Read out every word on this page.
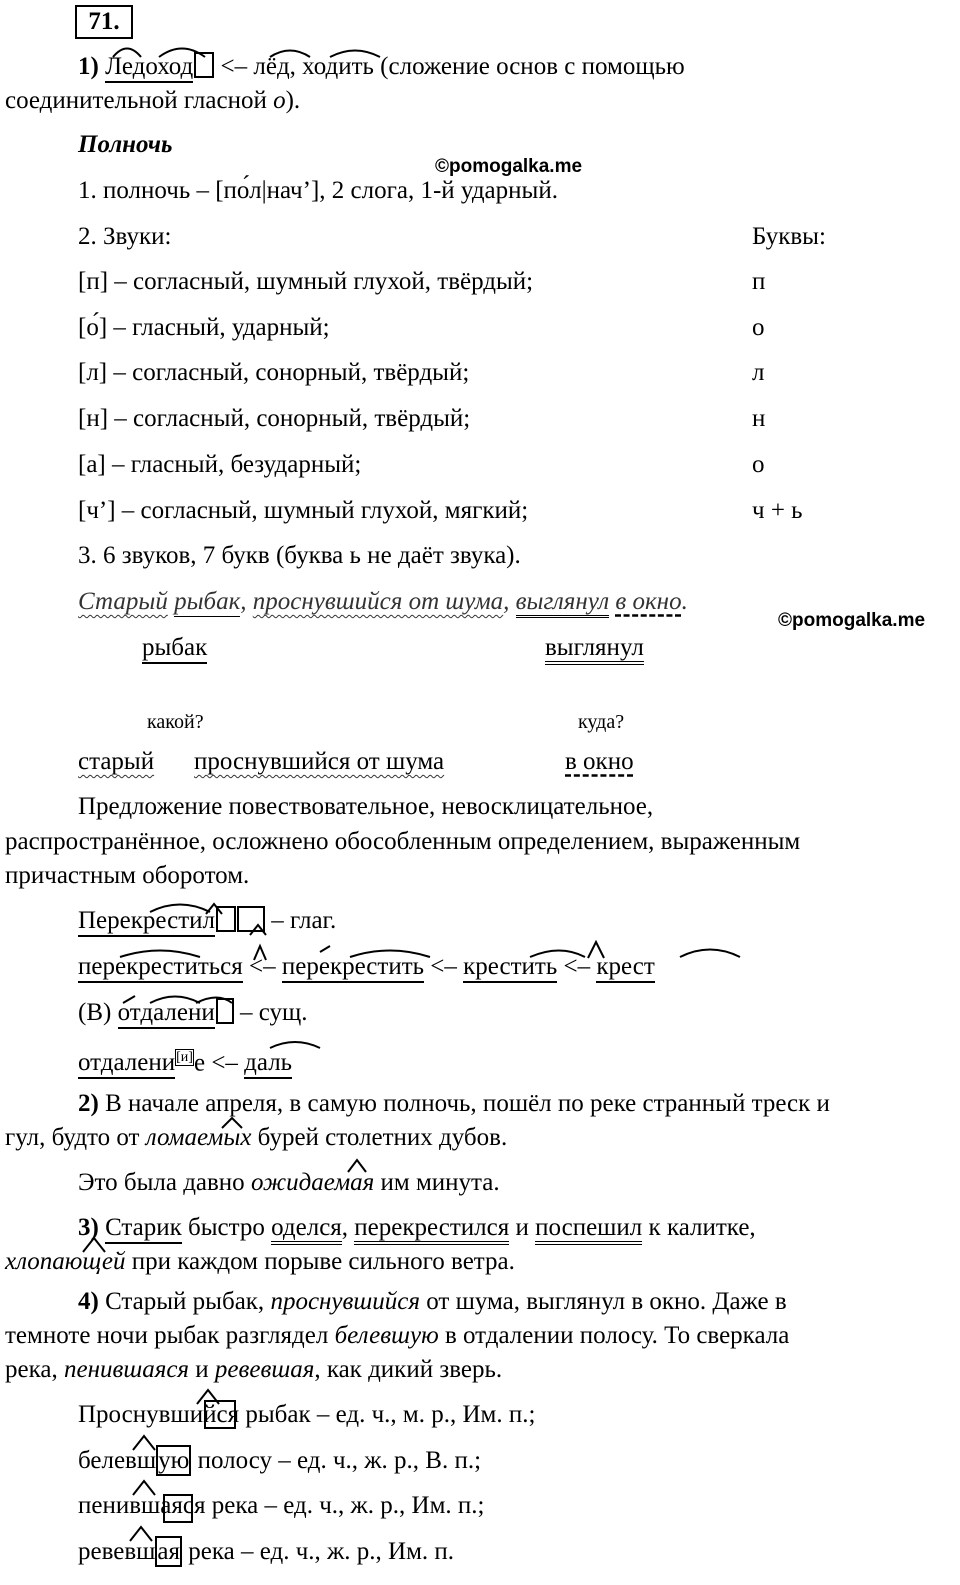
71.
1) Ледоход <– лёд, ходить (сложение основ с помощью
соединительной гласной о).
Полночь
©pomogalka.me
1. полночь – [по́л|нач’], 2 слога, 1-й ударный.
2. Звуки:	Буквы:
[п] – согласный, шумный глухой, твёрдый;	п
[о́] – гласный, ударный;	о
[л] – согласный, сонорный, твёрдый;	л
[н] – согласный, сонорный, твёрдый;	н
[а] – гласный, безударный;	о
[ч’] – согласный, шумный глухой, мягкий;	ч + ь
3. 6 звуков, 7 букв (буква ь не даёт звука).
Старый рыбак, проснувшийся от шума, выглянул в окно.
©pomogalka.me
рыбак	выглянул
какой?	куда?
старый проснувшийся от шума	в окно
Предложение повествовательное, невосклицательное,
распространённое, осложнено обособленным определением, выраженным
причастным оборотом.
Перекрестил – глаг.
перекреститься <– перекрестить <– крестить <– крест
(В) отдалени – сущ.
отдалени[и]е <– даль
2) В начале апреля, в самую полночь, пошёл по реке странный треск и
гул, будто от ломаемых бурей столетних дубов.
Это была давно ожидаемая им минута.
3) Старик быстро оделся, перекрестился и поспешил к калитке,
хлопающей при каждом порыве сильного ветра.
4) Старый рыбак, проснувшийся от шума, выглянул в окно. Даже в
темноте ночи рыбак разглядел белевшую в отдалении полосу. То сверкала
река, пенившаяся и ревевшая, как дикий зверь.
Проснувшийся рыбак – ед. ч., м. р., Им. п.;
белевшую полосу – ед. ч., ж. р., В. п.;
пенившаяся река – ед. ч., ж. р., Им. п.;
ревевшая река – ед. ч., ж. р., Им. п.
